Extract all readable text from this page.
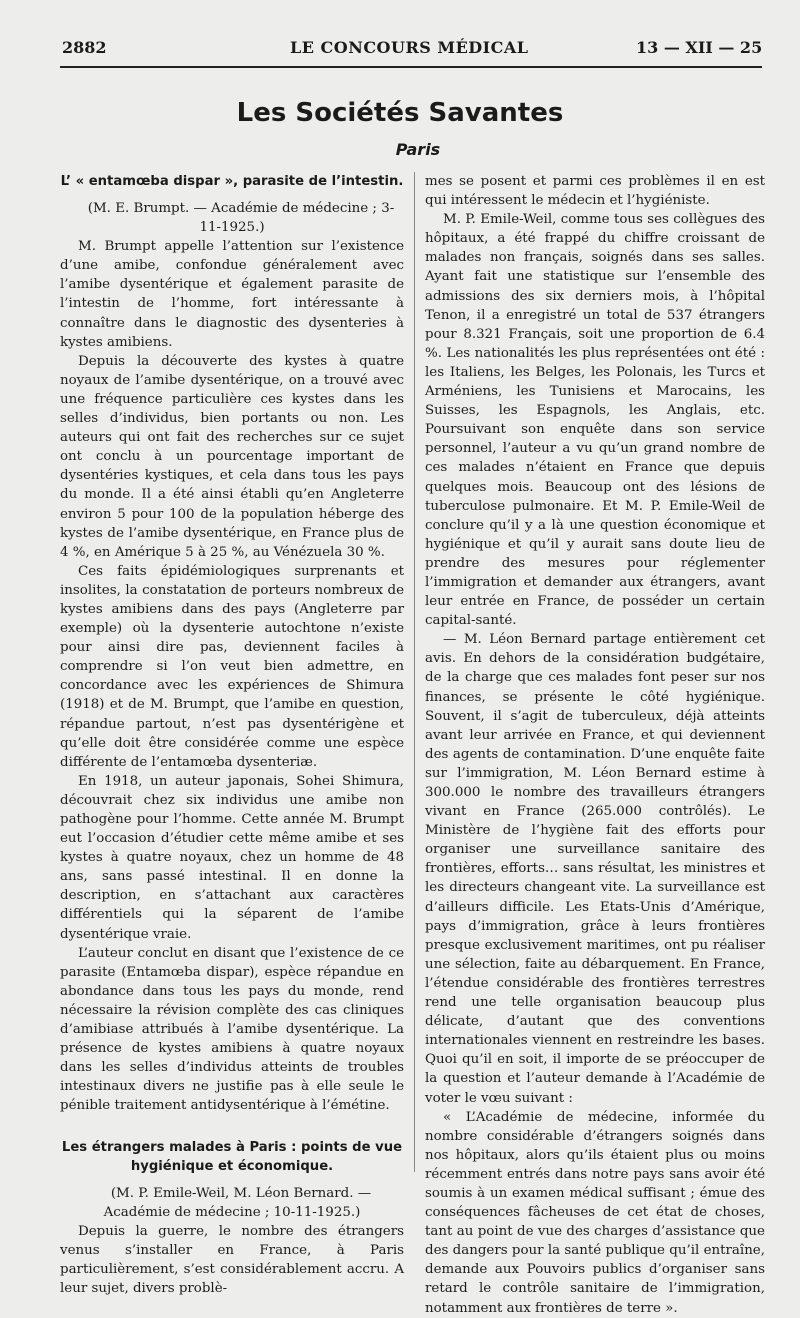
2882	LE CONCOURS MÉDICAL	13 — XII — 25
Les Sociétés Savantes
Paris
L’ « entamœba dispar », parasite de l’intestin.

(M. E. Brumpt. — Académie de médecine ; 3-11-1925.)

M. Brumpt appelle l’attention sur l’existence d’une amibe, confondue généralement avec l’amibe dysentérique et également parasite de l’intestin de l’homme, fort intéressante à connaître dans le diagnostic des dysenteries à kystes amibiens.

Depuis la découverte des kystes à quatre noyaux de l’amibe dysentérique, on a trouvé avec une fréquence particulière ces kystes dans les selles d’individus, bien portants ou non. Les auteurs qui ont fait des recherches sur ce sujet ont conclu à un pourcentage important de dysentéries kystiques, et cela dans tous les pays du monde. Il a été ainsi établi qu’en Angleterre environ 5 pour 100 de la population héberge des kystes de l’amibe dysentérique, en France plus de 4 %, en Amérique 5 à 25 %, au Vénézuela 30 %.

Ces faits épidémiologiques surprenants et insolites, la constatation de porteurs nombreux de kystes amibiens dans des pays (Angleterre par exemple) où la dysenterie autochtone n’existe pour ainsi dire pas, deviennent faciles à comprendre si l’on veut bien admettre, en concordance avec les expériences de Shimura (1918) et de M. Brumpt, que l’amibe en question, répandue partout, n’est pas dysentérigène et qu’elle doit être considérée comme une espèce différente de l’entamœba dysenteriæ.

En 1918, un auteur japonais, Sohei Shimura, découvrait chez six individus une amibe non pathogène pour l’homme. Cette année M. Brumpt eut l’occasion d’étudier cette même amibe et ses kystes à quatre noyaux, chez un homme de 48 ans, sans passé intestinal. Il en donne la description, en s’attachant aux caractères différentiels qui la séparent de l’amibe dysentérique vraie.

L’auteur conclut en disant que l’existence de ce parasite (Entamœba dispar), espèce répandue en abondance dans tous les pays du monde, rend nécessaire la révision complète des cas cliniques d’amibiase attribués à l’amibe dysentérique. La présence de kystes amibiens à quatre noyaux dans les selles d’individus atteints de troubles intestinaux divers ne justifie pas à elle seule le pénible traitement antidysentérique à l’émétine.

Les étrangers malades à Paris : points de vue hygiénique et économique.

(M. P. Emile-Weil, M. Léon Bernard. — Académie de médecine ; 10-11-1925.)

Depuis la guerre, le nombre des étrangers venus s’installer en France, à Paris particulièrement, s’est considérablement accru. A leur sujet, divers problè-

mes se posent et parmi ces problèmes il en est qui intéressent le médecin et l’hygiéniste.

M. P. Emile-Weil, comme tous ses collègues des hôpitaux, a été frappé du chiffre croissant de malades non français, soignés dans ses salles. Ayant fait une statistique sur l’ensemble des admissions des six derniers mois, à l’hôpital Tenon, il a enregistré un total de 537 étrangers pour 8.321 Français, soit une proportion de 6.4 %. Les nationalités les plus représentées ont été : les Italiens, les Belges, les Polonais, les Turcs et Arméniens, les Tunisiens et Marocains, les Suisses, les Espagnols, les Anglais, etc. Poursuivant son enquête dans son service personnel, l’auteur a vu qu’un grand nombre de ces malades n’étaient en France que depuis quelques mois. Beaucoup ont des lésions de tuberculose pulmonaire. Et M. P. Emile-Weil de conclure qu’il y a là une question économique et hygiénique et qu’il y aurait sans doute lieu de prendre des mesures pour réglementer l’immigration et demander aux étrangers, avant leur entrée en France, de posséder un certain capital-santé.

— M. Léon Bernard partage entièrement cet avis. En dehors de la considération budgétaire, de la charge que ces malades font peser sur nos finances, se présente le côté hygiénique. Souvent, il s’agit de tuberculeux, déjà atteints avant leur arrivée en France, et qui deviennent des agents de contamination. D’une enquête faite sur l’immigration, M. Léon Bernard estime à 300.000 le nombre des travailleurs étrangers vivant en France (265.000 contrôlés). Le Ministère de l’hygiène fait des efforts pour organiser une surveillance sanitaire des frontières, efforts… sans résultat, les ministres et les directeurs changeant vite. La surveillance est d’ailleurs difficile. Les Etats-Unis d’Amérique, pays d’immigration, grâce à leurs frontières presque exclusivement maritimes, ont pu réaliser une sélection, faite au débarquement. En France, l’étendue considérable des frontières terrestres rend une telle organisation beaucoup plus délicate, d’autant que des conventions internationales viennent en restreindre les bases. Quoi qu’il en soit, il importe de se préoccuper de la question et l’auteur demande à l’Académie de voter le vœu suivant :

« L’Académie de médecine, informée du nombre considérable d’étrangers soignés dans nos hôpitaux, alors qu’ils étaient plus ou moins récemment entrés dans notre pays sans avoir été soumis à un examen médical suffisant ; émue des conséquences fâcheuses de cet état de choses, tant au point de vue des charges d’assistance que des dangers pour la santé publique qu’il entraîne, demande aux Pouvoirs publics d’organiser sans retard le contrôle sanitaire de l’immigration, notamment aux frontières de terre ».
